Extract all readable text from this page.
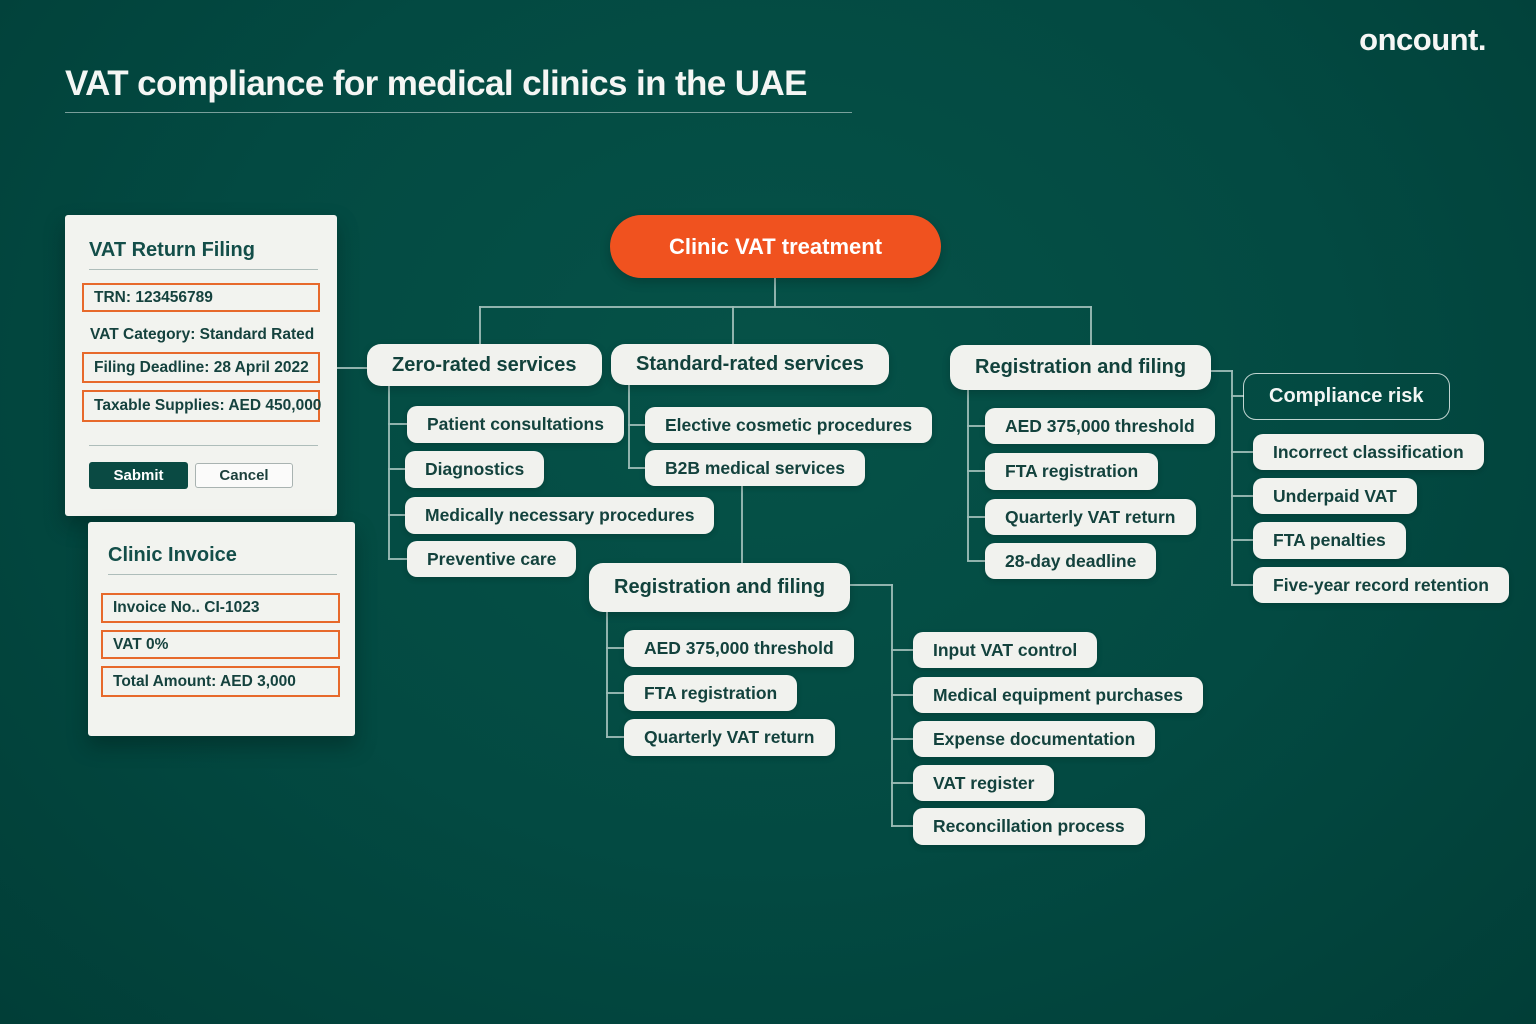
VAT compliance for medical clinics in the UAE
oncount.
VAT Return Filing
TRN: 123456789
VAT Category: Standard Rated
Filing Deadline: 28 April 2022
Taxable Supplies: AED 450,000
Sabmit	Cancel
Clinic Invoice
Invoice No.. CI-1023
VAT 0%
Total Amount: AED 3,000
Clinic VAT treatment
Zero-rated services
Patient consultations
Diagnostics
Medically necessary procedures
Preventive care
Standard-rated services
Elective cosmetic procedures
B2B medical services
Registration and filing
AED 375,000 threshold
FTA registration
Quarterly VAT return
Input VAT control
Medical equipment purchases
Expense documentation
VAT register
Reconcillation process
Registration and filing
AED 375,000 threshold
FTA registration
Quarterly VAT return
28-day deadline
Compliance risk
Incorrect classification
Underpaid VAT
FTA penalties
Five-year record retention
